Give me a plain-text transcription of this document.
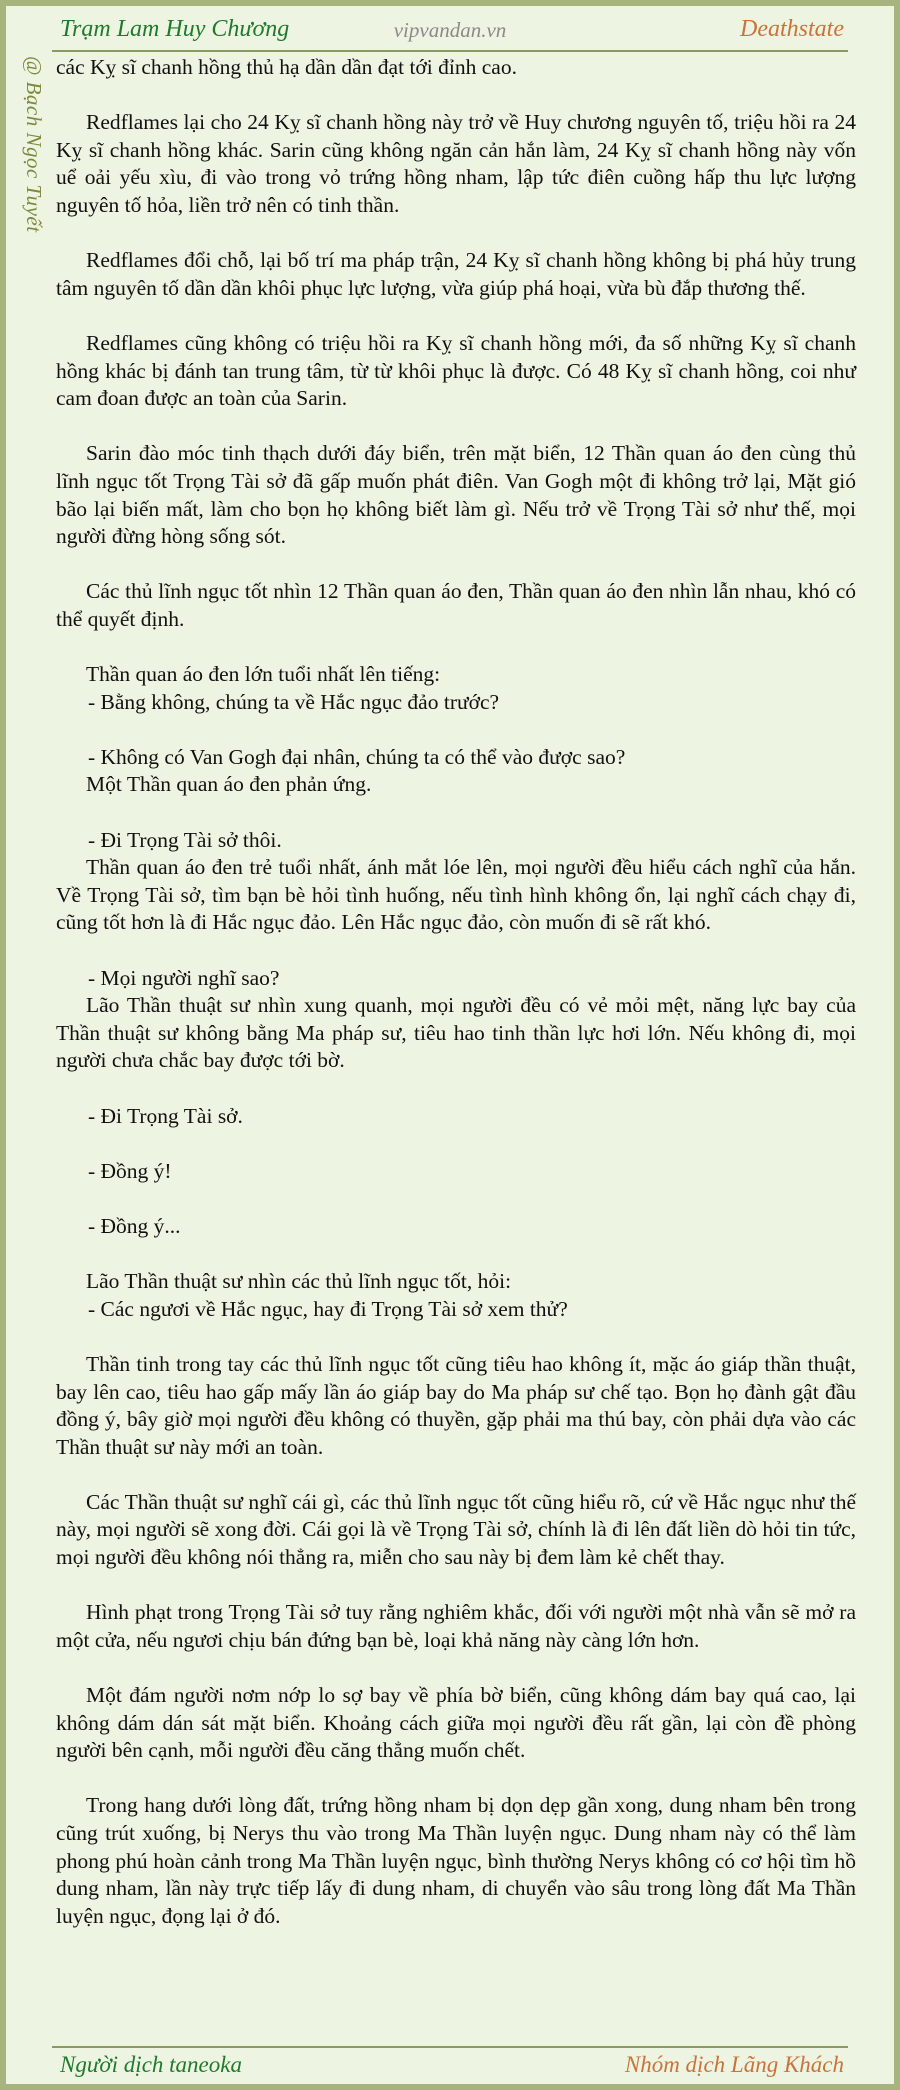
Trạm Lam Huy Chương	vipvandan.vn	Deathstate
@ Bạch Ngọc Tuyết các Kỵ sĩ chanh hồng thủ hạ dần dần đạt tới đỉnh cao.

Redflames lại cho 24 Kỵ sĩ chanh hồng này trở về Huy chương nguyên tố, triệu hồi ra 24 Kỵ sĩ chanh hồng khác. Sarin cũng không ngăn cản hắn làm, 24 Kỵ sĩ chanh hồng này vốn uể oải yếu xìu, đi vào trong vỏ trứng hồng nham, lập tức điên cuồng hấp thu lực lượng nguyên tố hỏa, liền trở nên có tinh thần.

Redflames đổi chỗ, lại bố trí ma pháp trận, 24 Kỵ sĩ chanh hồng không bị phá hủy trung tâm nguyên tố dần dần khôi phục lực lượng, vừa giúp phá hoại, vừa bù đắp thương thế.

Redflames cũng không có triệu hồi ra Kỵ sĩ chanh hồng mới, đa số những Kỵ sĩ chanh hồng khác bị đánh tan trung tâm, từ từ khôi phục là được. Có 48 Kỵ sĩ chanh hồng, coi như cam đoan được an toàn của Sarin.

Sarin đào móc tinh thạch dưới đáy biển, trên mặt biển, 12 Thần quan áo đen cùng thủ lĩnh ngục tốt Trọng Tài sở đã gấp muốn phát điên. Van Gogh một đi không trở lại, Mặt gió bão lại biến mất, làm cho bọn họ không biết làm gì. Nếu trở về Trọng Tài sở như thế, mọi người đừng hòng sống sót.

Các thủ lĩnh ngục tốt nhìn 12 Thần quan áo đen, Thần quan áo đen nhìn lẫn nhau, khó có thể quyết định.

Thần quan áo đen lớn tuổi nhất lên tiếng:
- Bằng không, chúng ta về Hắc ngục đảo trước?

- Không có Van Gogh đại nhân, chúng ta có thể vào được sao?
Một Thần quan áo đen phản ứng.

- Đi Trọng Tài sở thôi.
Thần quan áo đen trẻ tuổi nhất, ánh mắt lóe lên, mọi người đều hiểu cách nghĩ của hắn. Về Trọng Tài sở, tìm bạn bè hỏi tình huống, nếu tình hình không ổn, lại nghĩ cách chạy đi, cũng tốt hơn là đi Hắc ngục đảo. Lên Hắc ngục đảo, còn muốn đi sẽ rất khó.

- Mọi người nghĩ sao?
Lão Thần thuật sư nhìn xung quanh, mọi người đều có vẻ mỏi mệt, năng lực bay của Thần thuật sư không bằng Ma pháp sư, tiêu hao tinh thần lực hơi lớn. Nếu không đi, mọi người chưa chắc bay được tới bờ.

- Đi Trọng Tài sở.

- Đồng ý!

- Đồng ý...

Lão Thần thuật sư nhìn các thủ lĩnh ngục tốt, hỏi:
- Các ngươi về Hắc ngục, hay đi Trọng Tài sở xem thử?

Thần tinh trong tay các thủ lĩnh ngục tốt cũng tiêu hao không ít, mặc áo giáp thần thuật, bay lên cao, tiêu hao gấp mấy lần áo giáp bay do Ma pháp sư chế tạo. Bọn họ đành gật đầu đồng ý, bây giờ mọi người đều không có thuyền, gặp phải ma thú bay, còn phải dựa vào các Thần thuật sư này mới an toàn.

Các Thần thuật sư nghĩ cái gì, các thủ lĩnh ngục tốt cũng hiểu rõ, cứ về Hắc ngục như thế này, mọi người sẽ xong đời. Cái gọi là về Trọng Tài sở, chính là đi lên đất liền dò hỏi tin tức, mọi người đều không nói thẳng ra, miễn cho sau này bị đem làm kẻ chết thay.

Hình phạt trong Trọng Tài sở tuy rằng nghiêm khắc, đối với người một nhà vẫn sẽ mở ra một cửa, nếu ngươi chịu bán đứng bạn bè, loại khả năng này càng lớn hơn.

Một đám người nơm nớp lo sợ bay về phía bờ biển, cũng không dám bay quá cao, lại không dám dán sát mặt biển. Khoảng cách giữa mọi người đều rất gần, lại còn đề phòng người bên cạnh, mỗi người đều căng thẳng muốn chết.

Trong hang dưới lòng đất, trứng hồng nham bị dọn dẹp gần xong, dung nham bên trong cũng trút xuống, bị Nerys thu vào trong Ma Thần luyện ngục. Dung nham này có thể làm phong phú hoàn cảnh trong Ma Thần luyện ngục, bình thường Nerys không có cơ hội tìm hồ dung nham, lần này trực tiếp lấy đi dung nham, di chuyển vào sâu trong lòng đất Ma Thần luyện ngục, đọng lại ở đó.

Người dịch taneoka	Nhóm dịch Lãng Khách
